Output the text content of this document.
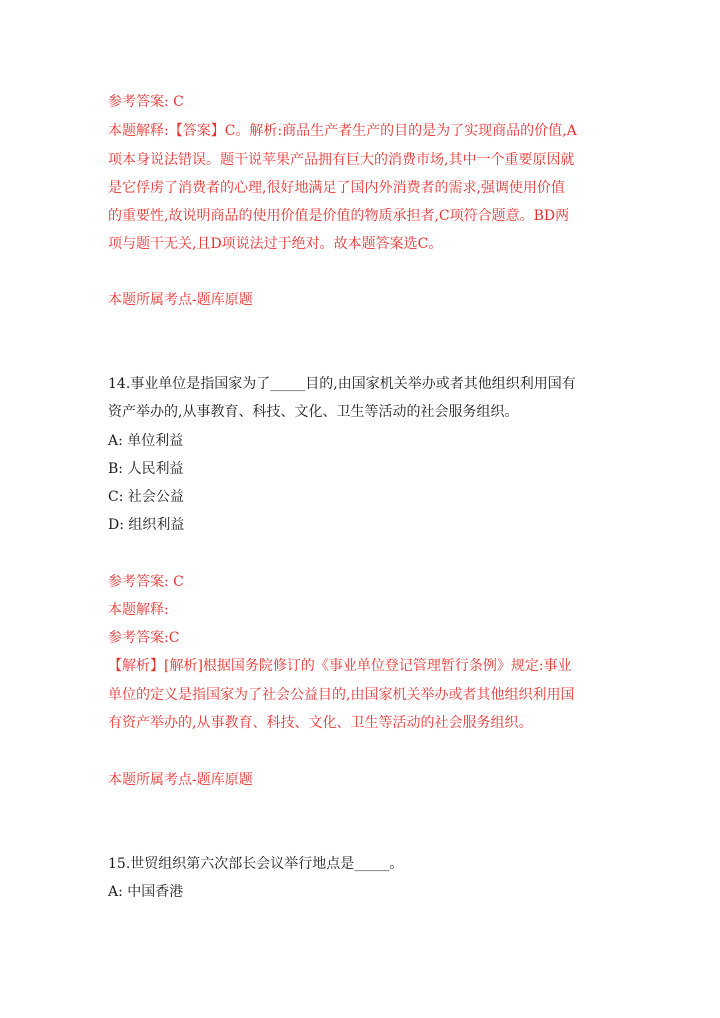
参考答案: C
本题解释:【答案】C。解析:商品生产者生产的目的是为了实现商品的价值,A
项本身说法错误。题干说苹果产品拥有巨大的消费市场,其中一个重要原因就
是它俘虏了消费者的心理,很好地满足了国内外消费者的需求,强调使用价值
的重要性,故说明商品的使用价值是价值的物质承担者,C项符合题意。BD两
项与题干无关,且D项说法过于绝对。故本题答案选C。
本题所属考点-题库原题
14.事业单位是指国家为了_____目的,由国家机关举办或者其他组织利用国有
资产举办的,从事教育、科技、文化、卫生等活动的社会服务组织。
A: 单位利益
B: 人民利益
C: 社会公益
D: 组织利益
参考答案: C
本题解释:
参考答案:C
【解析】[解析]根据国务院修订的《事业单位登记管理暂行条例》规定:事业
单位的定义是指国家为了社会公益目的,由国家机关举办或者其他组织利用国
有资产举办的,从事教育、科技、文化、卫生等活动的社会服务组织。
本题所属考点-题库原题
15.世贸组织第六次部长会议举行地点是_____。
A: 中国香港
